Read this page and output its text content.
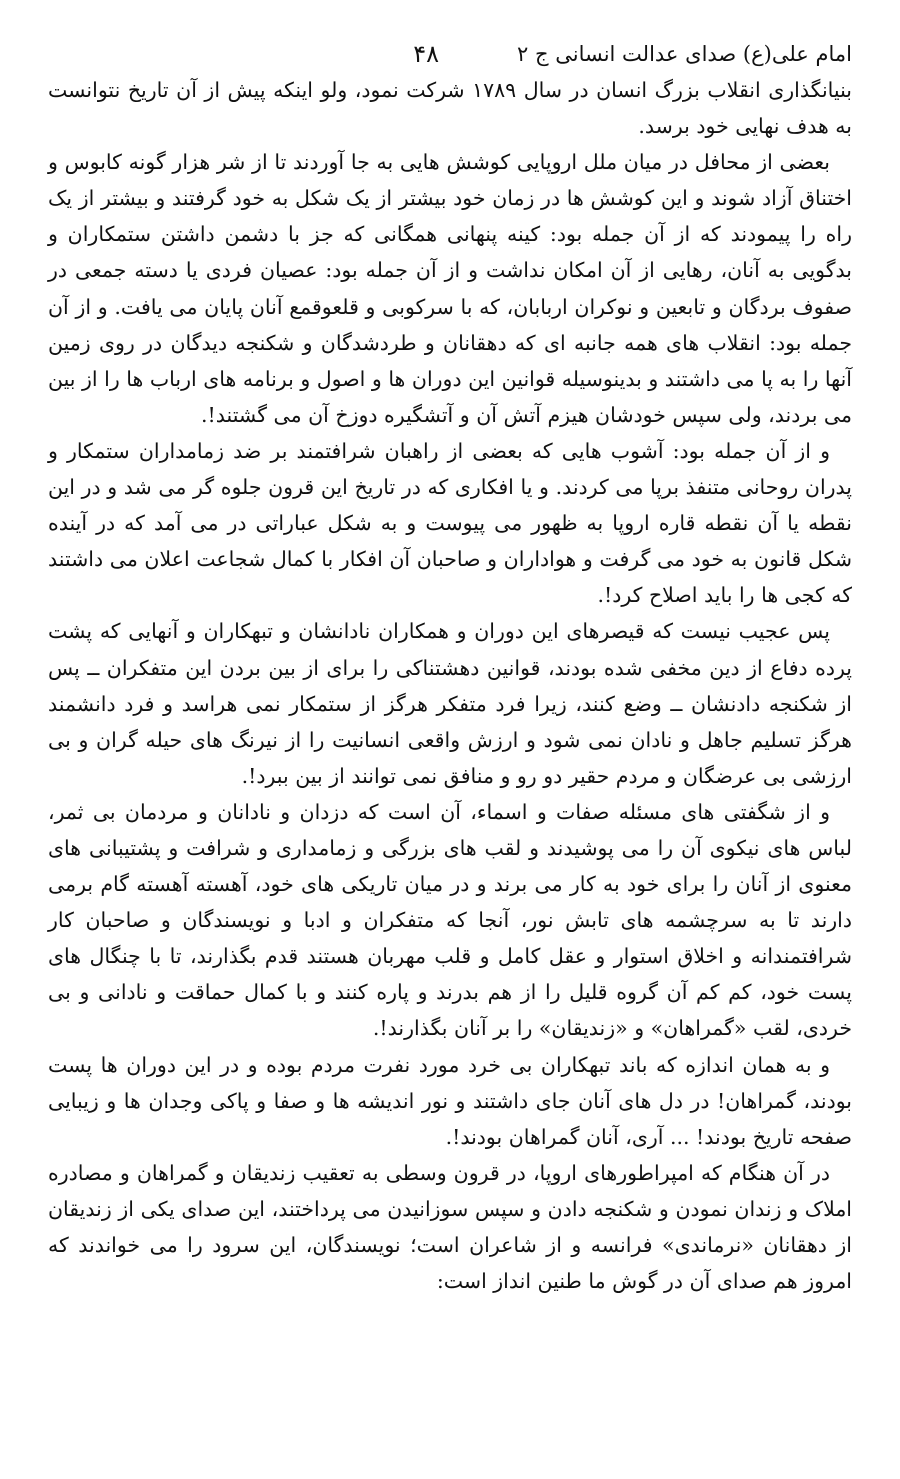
امام علی(ع) صدای عدالت انسانی ج ۲
۴۸

بنیانگذاری انقلاب بزرگ انسان در سال ۱۷۸۹ شرکت نمود، ولو اینکه پیش از آن تاریخ نتوانست به هدف نهایی خود برسد.

بعضی از محافل در میان ملل اروپایی کوشش هایی به جا آوردند تا از شر هزار گونه کابوس و اختناق آزاد شوند و این کوشش ها در زمان خود بیشتر از یک شکل به خود گرفتند و بیشتر از یک راه را پیمودند که از آن جمله بود: کینه پنهانی همگانی که جز با دشمن داشتن ستمکاران و بدگویی به آنان، رهایی از آن امکان نداشت و از آن جمله بود: عصیان فردی یا دسته جمعی در صفوف بردگان و تابعین و نوکران اربابان، که با سرکوبی و قلعوقمع آنان پایان می یافت. و از آن جمله بود: انقلاب های همه جانبه ای که دهقانان و طردشدگان و شکنجه دیدگان در روی زمین آنها را به پا می داشتند و بدینوسیله قوانین این دوران ها و اصول و برنامه های ارباب ها را از بین می بردند، ولی سپس خودشان هیزم آتش آن و آتشگیره دوزخ آن می گشتند!.

و از آن جمله بود: آشوب هایی که بعضی از راهبان شرافتمند بر ضد زمامداران ستمکار و پدران روحانی متنفذ برپا می کردند. و یا افکاری که در تاریخ این قرون جلوه گر می شد و در این نقطه یا آن نقطه قاره اروپا به ظهور می پیوست و به شکل عباراتی در می آمد که در آینده شکل قانون به خود می گرفت و هواداران و صاحبان آن افکار با کمال شجاعت اعلان می داشتند که کجی ها را باید اصلاح کرد!.

پس عجیب نیست که قیصرهای این دوران و همکاران نادانشان و تبهکاران و آنهایی که پشت پرده دفاع از دین مخفی شده بودند، قوانین دهشتناکی را برای از بین بردن این متفکران ــ پس از شکنجه دادنشان ــ وضع کنند، زیرا فرد متفکر هرگز از ستمکار نمی هراسد و فرد دانشمند هرگز تسلیم جاهل و نادان نمی شود و ارزش واقعی انسانیت را از نیرنگ های حیله گران و بی ارزشی بی عرضگان و مردم حقیر دو رو و منافق نمی توانند از بین ببرد!.

و از شگفتی های مسئله صفات و اسماء، آن است که دزدان و نادانان و مردمان بی ثمر، لباس های نیکوی آن را می پوشیدند و لقب های بزرگی و زمامداری و شرافت و پشتیبانی های معنوی از آنان را برای خود به کار می برند و در میان تاریکی های خود، آهسته آهسته گام برمی دارند تا به سرچشمه های تابش نور، آنجا که متفکران و ادبا و نویسندگان و صاحبان کار شرافتمندانه و اخلاق استوار و عقل کامل و قلب مهربان هستند قدم بگذارند، تا با چنگال های پست خود، کم کم آن گروه قلیل را از هم بدرند و پاره کنند و با کمال حماقت و نادانی و بی خردی، لقب «گمراهان» و «زندیقان» را بر آنان بگذارند!.

و به همان اندازه که باند تبهکاران بی خرد مورد نفرت مردم بوده و در این دوران ها پست بودند، گمراهان! در دل های آنان جای داشتند و نور اندیشه ها و صفا و پاکی وجدان ها و زیبایی صفحه تاریخ بودند! ... آری، آنان گمراهان بودند!.

در آن هنگام که امپراطورهای اروپا، در قرون وسطی به تعقیب زندیقان و گمراهان و مصادره املاک و زندان نمودن و شکنجه دادن و سپس سوزانیدن می پرداختند، این صدای یکی از زندیقان از دهقانان «نرماندی» فرانسه و از شاعران است؛ نویسندگان، این سرود را می خواندند که امروز هم صدای آن در گوش ما طنین انداز است:
